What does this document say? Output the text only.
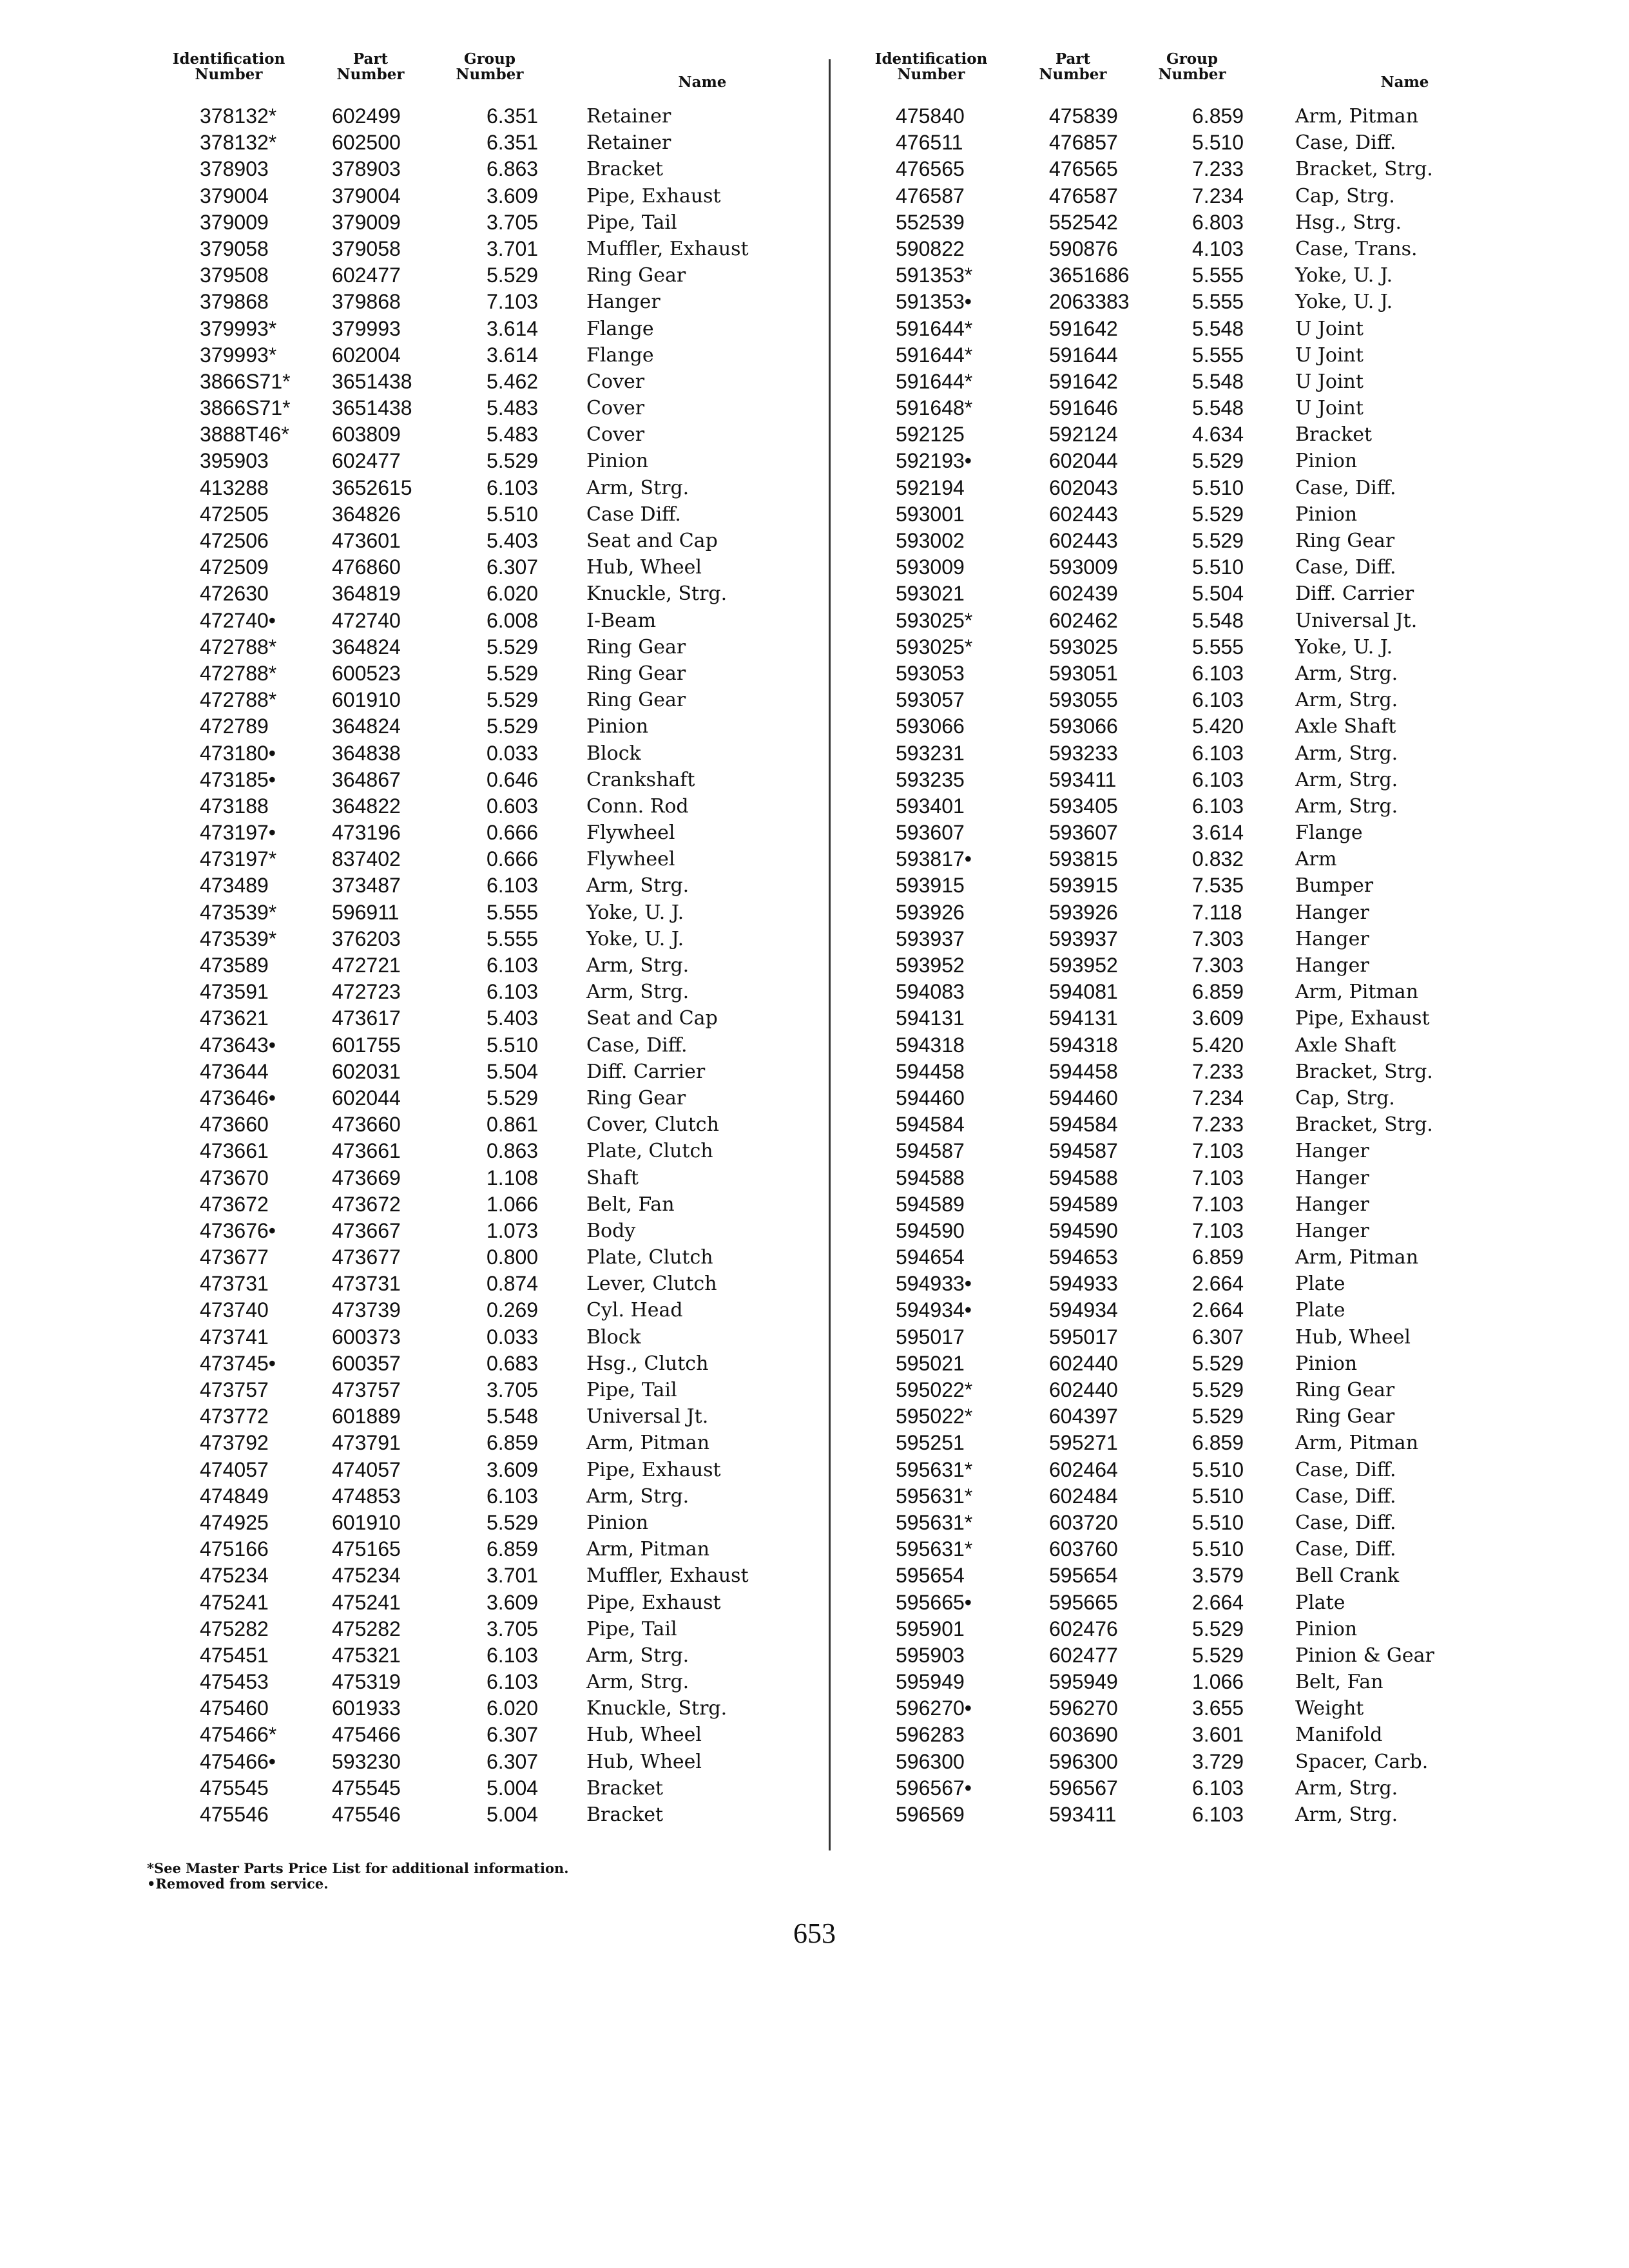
Identification
Number
Part
Number
Group
Number	Name
378132*	602499	6.351 Retainer
378132*	602500	6.351 Retainer
378903	378903	6.863 Bracket
379004	379004	3.609 Pipe, Exhaust
379009	379009	3.705 Pipe, Tail
379058	379058	3.701 Muffler, Exhaust
379508	602477	5.529 Ring Gear
379868	379868	7.103 Hanger
379993*	379993	3.614 Flange
379993*	602004	3.614 Flange
3866S71* 3651438	5.462 Cover
3866S71* 3651438	5.483 Cover
3888T46* 603809	5.483 Cover
395903	602477	5.529 Pinion
413288	3652615	6.103 Arm, Strg.
472505	364826	5.510 Case Diff.
472506	473601	5.403 Seat and Cap
472509	476860	6.307 Hub, Wheel
472630	364819	6.020 Knuckle, Strg.
472740•	472740	6.008 I-Beam
472788*	364824	5.529 Ring Gear
472788*	600523	5.529 Ring Gear
472788*	601910	5.529 Ring Gear
472789	364824	5.529 Pinion
473180•	364838	0.033 Block
473185•	364867	0.646 Crankshaft
473188	364822	0.603 Conn. Rod
473197•	473196	0.666 Flywheel
473197*	837402	0.666 Flywheel
473489	373487	6.103 Arm, Strg.
473539*	596911	5.555 Yoke, U. J.
473539*	376203	5.555 Yoke, U. J.
473589	472721	6.103 Arm, Strg.
473591	472723	6.103 Arm, Strg.
473621	473617	5.403 Seat and Cap
473643•	601755	5.510 Case, Diff.
473644	602031	5.504 Diff. Carrier
473646•	602044	5.529 Ring Gear
473660	473660	0.861 Cover, Clutch
473661	473661	0.863 Plate, Clutch
473670	473669	1.108 Shaft
473672	473672	1.066 Belt, Fan
473676•	473667	1.073 Body
473677	473677	0.800 Plate, Clutch
473731	473731	0.874 Lever, Clutch
473740	473739	0.269 Cyl. Head
473741	600373	0.033 Block
473745•	600357	0.683 Hsg., Clutch
473757	473757	3.705 Pipe, Tail
473772	601889	5.548 Universal Jt.
473792	473791	6.859 Arm, Pitman
474057	474057	3.609 Pipe, Exhaust
474849	474853	6.103 Arm, Strg.
474925	601910	5.529 Pinion
475166	475165	6.859 Arm, Pitman
475234	475234	3.701 Muffler, Exhaust
475241	475241	3.609 Pipe, Exhaust
475282	475282	3.705 Pipe, Tail
475451	475321	6.103 Arm, Strg.
475453	475319	6.103 Arm, Strg.
475460	601933	6.020 Knuckle, Strg.
475466*	475466	6.307 Hub, Wheel
475466•	593230	6.307 Hub, Wheel
475545	475545	5.004 Bracket
475546	475546	5.004 Bracket
Identification
Number
Part
Number
Group
Number	Name
475840	475839	6.859	Arm, Pitman
476511	476857	5.510	Case, Diff.
476565	476565	7.233	Bracket, Strg.
476587	476587	7.234	Cap, Strg.
552539	552542	6.803	Hsg., Strg.
590822	590876	4.103	Case, Trans.
591353*	3651686	5.555	Yoke, U. J.
591353•	2063383	5.555	Yoke, U. J.
591644*	591642	5.548	U Joint
591644*	591644	5.555	U Joint
591644*	591642	5.548	U Joint
591648*	591646	5.548	U Joint
592125	592124	4.634	Bracket
592193•	602044	5.529	Pinion
592194	602043	5.510	Case, Diff.
593001	602443	5.529	Pinion
593002	602443	5.529	Ring Gear
593009	593009	5.510	Case, Diff.
593021	602439	5.504	Diff. Carrier
593025*	602462	5.548	Universal Jt.
593025*	593025	5.555	Yoke, U. J.
593053	593051	6.103	Arm, Strg.
593057	593055	6.103	Arm, Strg.
593066	593066	5.420	Axle Shaft
593231	593233	6.103	Arm, Strg.
593235	593411	6.103	Arm, Strg.
593401	593405	6.103	Arm, Strg.
593607	593607	3.614	Flange
593817•	593815	0.832	Arm
593915	593915	7.535	Bumper
593926	593926	7.118	Hanger
593937	593937	7.303	Hanger
593952	593952	7.303	Hanger
594083	594081	6.859	Arm, Pitman
594131	594131	3.609	Pipe, Exhaust
594318	594318	5.420	Axle Shaft
594458	594458	7.233	Bracket, Strg.
594460	594460	7.234	Cap, Strg.
594584	594584	7.233	Bracket, Strg.
594587	594587	7.103	Hanger
594588	594588	7.103	Hanger
594589	594589	7.103	Hanger
594590	594590	7.103	Hanger
594654	594653	6.859	Arm, Pitman
594933•	594933	2.664	Plate
594934•	594934	2.664	Plate
595017	595017	6.307	Hub, Wheel
595021	602440	5.529	Pinion
595022*	602440	5.529	Ring Gear
595022*	604397	5.529	Ring Gear
595251	595271	6.859	Arm, Pitman
595631*	602464	5.510	Case, Diff.
595631*	602484	5.510	Case, Diff.
595631*	603720	5.510	Case, Diff.
595631*	603760	5.510	Case, Diff.
595654	595654	3.579	Bell Crank
595665•	595665	2.664	Plate
595901	602476	5.529	Pinion
595903	602477	5.529	Pinion & Gear
595949	595949	1.066	Belt, Fan
596270•	596270	3.655	Weight
596283	603690	3.601	Manifold
596300	596300	3.729	Spacer, Carb.
596567•	596567	6.103	Arm, Strg.
596569	593411	6.103	Arm, Strg.
*See Master Parts Price List for additional information.
•Removed from service.
653
